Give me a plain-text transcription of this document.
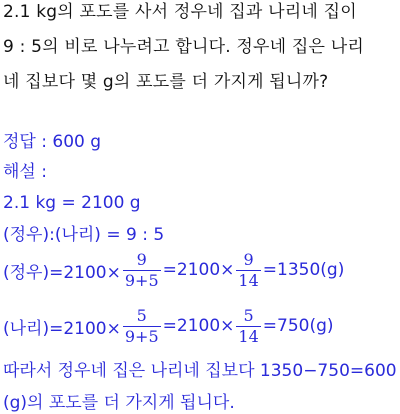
2.1 kg의 포도를 사서 정우네 집과 나리네 집이
9 : 5의 비로 나누려고 합니다. 정우네 집은 나리
네 집보다 몇 g의 포도를 더 가지게 됩니까?
정답 : 600 g
해설 :
2.1 kg = 2100 g
(정우):(나리) = 9 : 5
(정우)$=2100\times \frac{9}{9+5} =2100\times \frac{9}{14} =1350(g)$
(나리)$=2100\times \frac{5}{9+5} =2100\times \frac{5}{14} =750(g)$
따라서 정우네 집은 나리네 집보다 1350−750=600
(g)의 포도를 더 가지게 됩니다.
